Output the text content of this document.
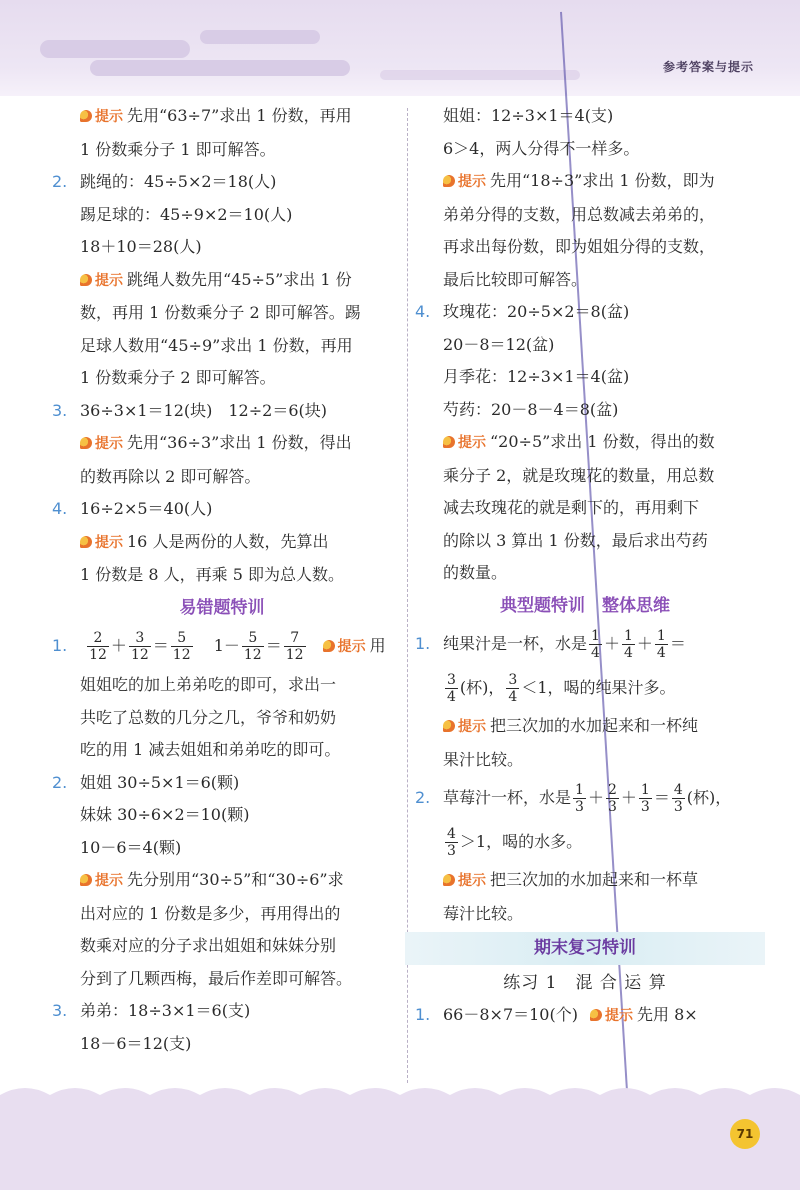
参考答案与提示
提示 先用“63÷7”求出 1 份数，再用
1 份数乘分子 1 即可解答。
2. 跳绳的：45÷5×2＝18(人)
踢足球的：45÷9×2＝10(人)
18＋10＝28(人)
提示 跳绳人数先用“45÷5”求出 1 份
数，再用 1 份数乘分子 2 即可解答。踢
足球人数用“45÷9”求出 1 份数，再用
1 份数乘分子 2 即可解答。
3. 36÷3×1＝12(块)　12÷2＝6(块)
提示 先用“36÷3”求出 1 份数，得出
的数再除以 2 即可解答。
4. 16÷2×5＝40(人)
提示 16 人是两份的人数，先算出
1 份数是 8 人，再乘 5 即为总人数。
易错题特训
1. $\frac{2}{12} + \frac{3}{12} = \frac{5}{12} 1- \frac{5}{12} = \frac{7}{12}$ 提示 用
姐姐吃的加上弟弟吃的即可，求出一
共吃了总数的几分之几，爷爷和奶奶
吃的用 1 减去姐姐和弟弟吃的即可。
2. 姐姐 30÷5×1＝6(颗)
妹妹 30÷6×2＝10(颗)
10－6＝4(颗)
提示 先分别用“30÷5”和“30÷6”求
出对应的 1 份数是多少，再用得出的
数乘对应的分子求出姐姐和妹妹分别
分到了几颗西梅，最后作差即可解答。
3. 弟弟：18÷3×1＝6(支)
18－6＝12(支)
姐姐：12÷3×1＝4(支)
6＞4，两人分得不一样多。
提示 先用“18÷3”求出 1 份数，即为
弟弟分得的支数，用总数减去弟弟的，
再求出每份数，即为姐姐分得的支数，
最后比较即可解答。
4. 玫瑰花：20÷5×2＝8(盆)
20－8＝12(盆)
月季花：12÷3×1＝4(盆)
芍药：20－8－4＝8(盆)
提示 “20÷5”求出 1 份数，得出的数
乘分子 2，就是玫瑰花的数量，用总数
减去玫瑰花的就是剩下的，再用剩下
的除以 3 算出 1 份数，最后求出芍药
的数量。
典型题特训　整体思维
1. 纯果汁是一杯，水是 $\frac{1}{4} + \frac{1}{4} + \frac{1}{4}$ ＝
$\frac{3}{4}$ (杯)， $\frac{3}{4} <1$，喝的纯果汁多。
提示 把三次加的水加起来和一杯纯
果汁比较。
2. 草莓汁一杯，水是 $\frac{1}{3} + \frac{2}{3} + \frac{1}{3} = \frac{4}{3}$ (杯)，
$\frac{4}{3} >1$，喝的水多。
提示 把三次加的水加起来和一杯草
莓汁比较。
期末复习特训
练习 1　混 合 运 算
1. 66－8×7＝10(个) 提示 先用 8×
71
